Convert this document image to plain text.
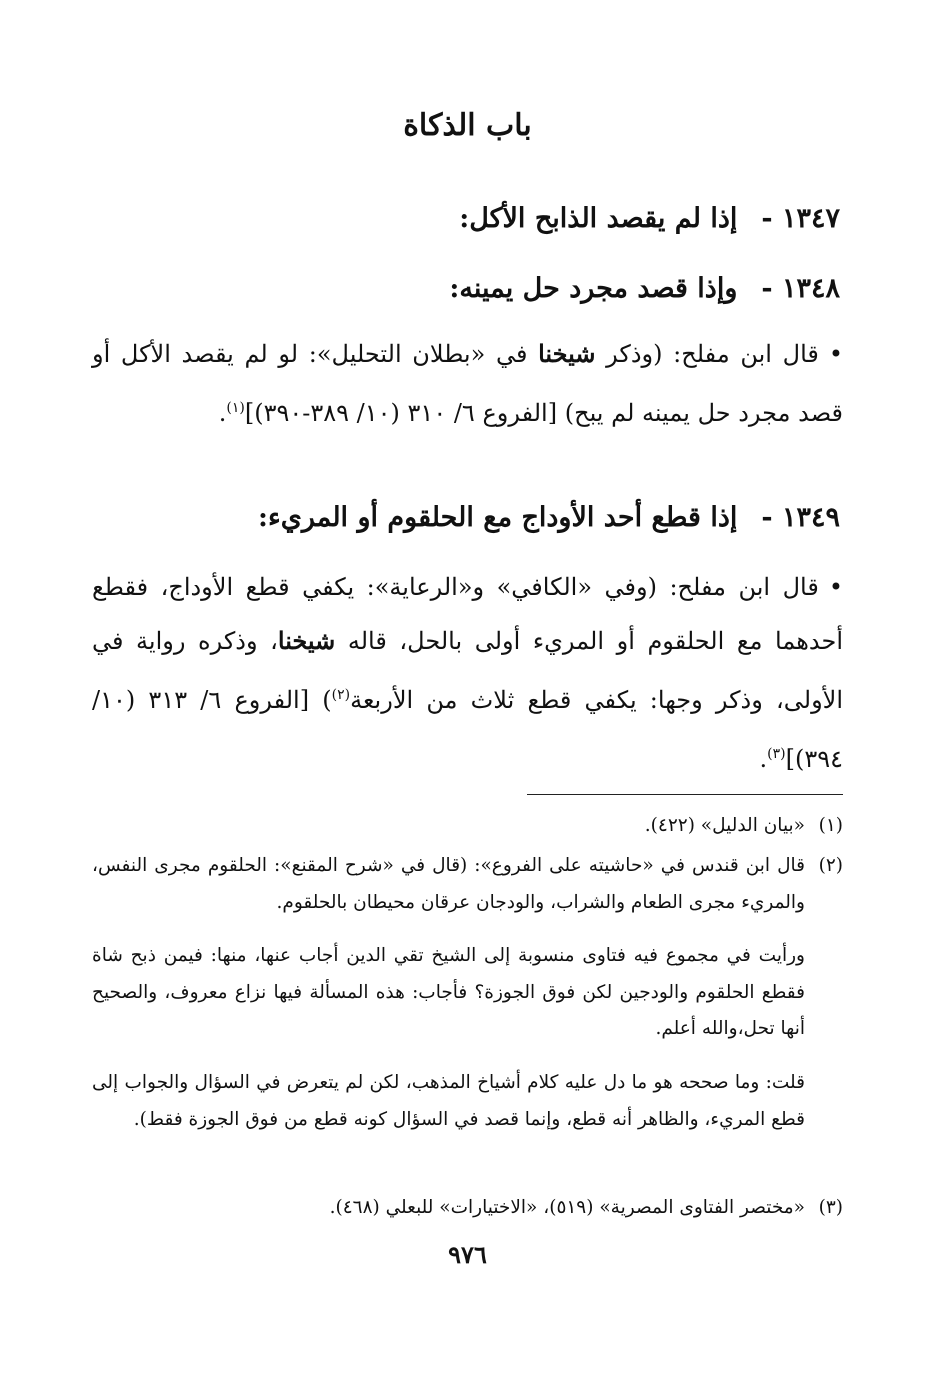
باب الذكاة
١٣٤٧ -إذا لم يقصد الذابح الأكل:
١٣٤٨ -وإذا قصد مجرد حل يمينه:
•قال ابن مفلح: (وذكر شيخنا في «بطلان التحليل»: لو لم يقصد الأكل أو قصد مجرد حل يمينه لم يبح) [الفروع ٦/ ٣١٠ (١٠/ ٣٨٩-٣٩٠)]$^{(١)}$.
١٣٤٩ -إذا قطع أحد الأوداج مع الحلقوم أو المريء:
•قال ابن مفلح: (وفي «الكافي» و«الرعاية»: يكفي قطع الأوداج، فقطع أحدهما مع الحلقوم أو المريء أولى بالحل، قاله شيخنا، وذكره رواية في الأولى، وذكر وجها: يكفي قطع ثلاث من الأربعة$^{(٢)}$) [الفروع ٦/ ٣١٣ (١٠/ ٣٩٤)]$^{(٣)}$.
(١)«بيان الدليل» (٤٢٢).
(٢)
قال ابن قندس في «حاشيته على الفروع»: (قال في «شرح المقنع»: الحلقوم مجرى النفس، والمريء مجرى الطعام والشراب، والودجان عرقان محيطان بالحلقوم.
ورأيت في مجموع فيه فتاوى منسوبة إلى الشيخ تقي الدين أجاب عنها، منها: فيمن ذبح شاة فقطع الحلقوم والودجين لكن فوق الجوزة؟ فأجاب: هذه المسألة فيها نزاع معروف، والصحيح أنها تحل،والله أعلم.
قلت: وما صححه هو ما دل عليه كلام أشياخ المذهب، لكن لم يتعرض في السؤال والجواب إلى قطع المريء، والظاهر أنه قطع، وإنما قصد في السؤال كونه قطع من فوق الجوزة فقط).
(٣)«مختصر الفتاوى المصرية» (٥١٩)، «الاختيارات» للبعلي (٤٦٨).
٩٧٦
